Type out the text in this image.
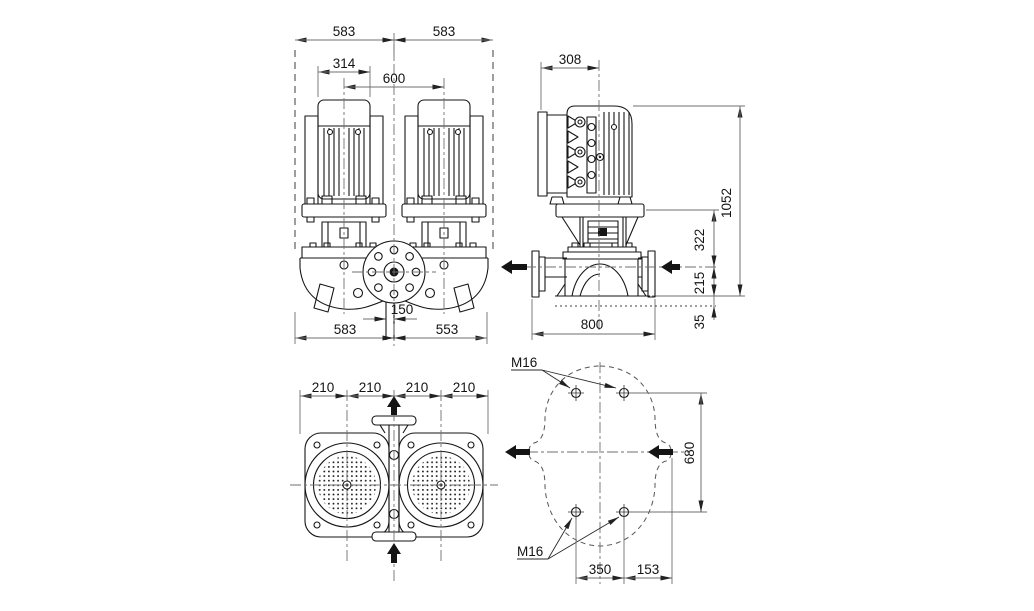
583	583
314
600
583
150
553
308
1052
322
215
35
800
210 210 210 210
M16
M16
680
350 153
